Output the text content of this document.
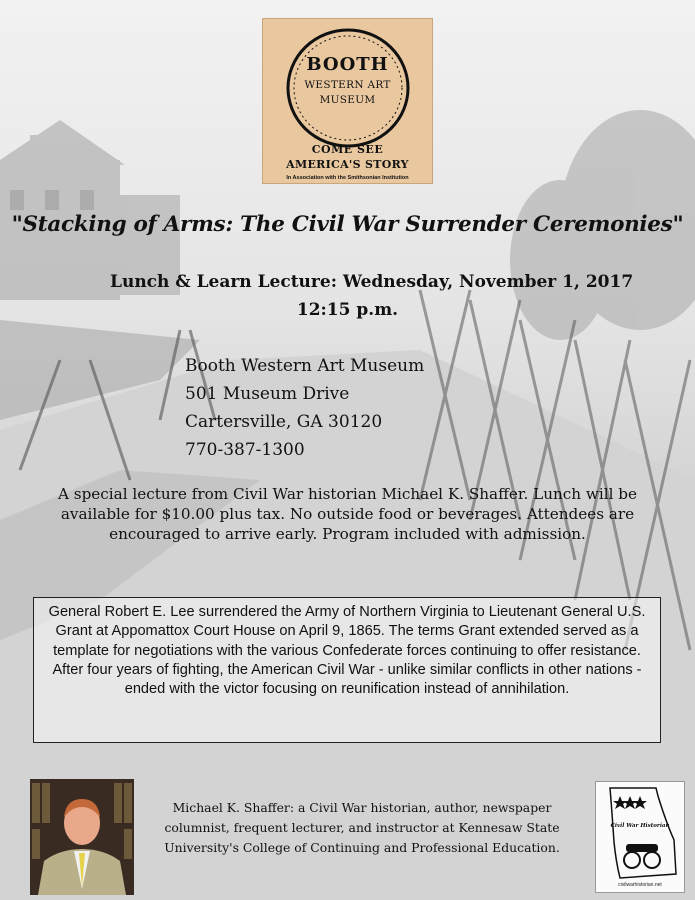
BOOTH
WESTERN ART
MUSEUM
COME SEE
AMERICA'S STORY
In Association with the Smithsonian Institution
"Stacking of Arms: The Civil War Surrender Ceremonies"
Lunch & Learn Lecture: Wednesday, November 1, 2017
12:15 p.m.
Booth Western Art Museum
501 Museum Drive
Cartersville, GA 30120
770-387-1300
A special lecture from Civil War historian Michael K. Shaffer. Lunch will be available for $10.00 plus tax. No outside food or beverages. Attendees are encouraged to arrive early. Program included with admission.
General Robert E. Lee surrendered the Army of Northern Virginia to Lieutenant General U.S. Grant at Appomattox Court House on April 9, 1865. The terms Grant extended served as a template for negotiations with the various Confederate forces continuing to offer resistance. After four years of fighting, the American Civil War - unlike similar conflicts in other nations - ended with the victor focusing on reunification instead of annihilation.
Michael K. Shaffer: a Civil War historian, author, newspaper columnist, frequent lecturer, and instructor at Kennesaw State University's College of Continuing and Professional Education.
Civil War Historian
civilwarhistorian.net
